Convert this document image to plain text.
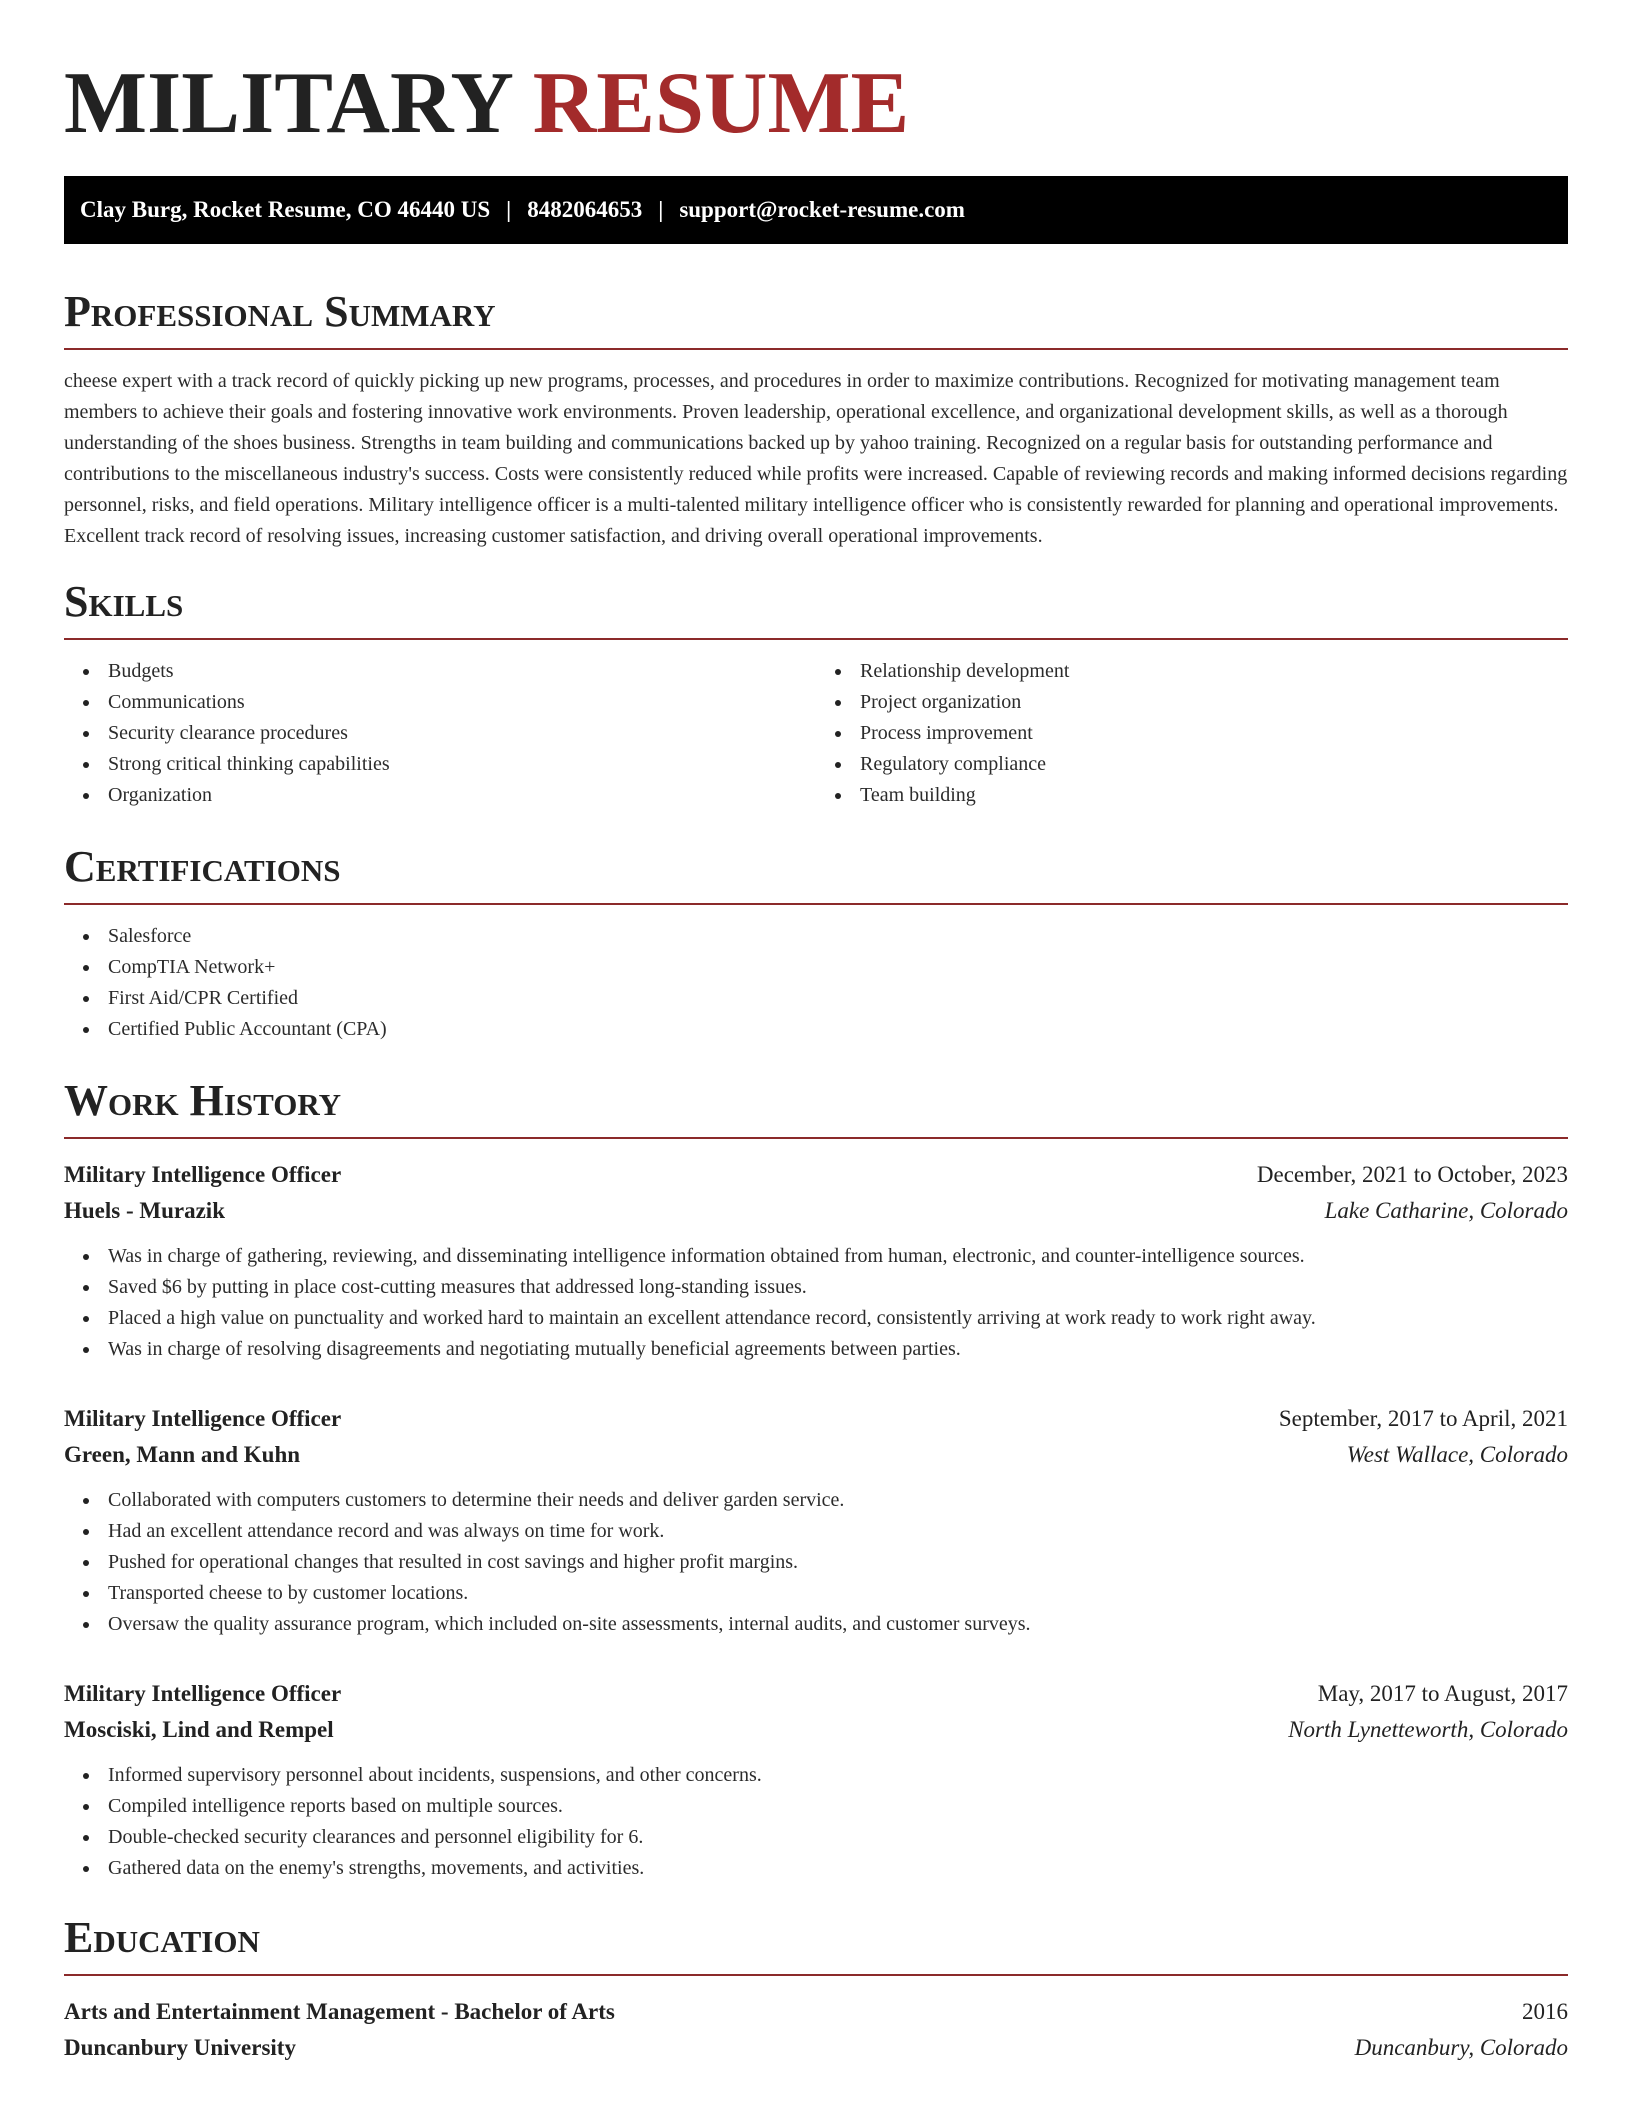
MILITARY RESUME
Clay Burg, Rocket Resume, CO 46440 US | 8482064653 | support@rocket-resume.com
Professional Summary

cheese expert with a track record of quickly picking up new programs, processes, and procedures in order to maximize contributions. Recognized for motivating management team members to achieve their goals and fostering innovative work environments. Proven leadership, operational excellence, and organizational development skills, as well as a thorough understanding of the shoes business. Strengths in team building and communications backed up by yahoo training. Recognized on a regular basis for outstanding performance and contributions to the miscellaneous industry's success. Costs were consistently reduced while profits were increased. Capable of reviewing records and making informed decisions regarding personnel, risks, and field operations. Military intelligence officer is a multi-talented military intelligence officer who is consistently rewarded for planning and operational improvements. Excellent track record of resolving issues, increasing customer satisfaction, and driving overall operational improvements.

Skills
Budgets
Communications
Security clearance procedures
Strong critical thinking capabilities
Organization
Relationship development
Project organization
Process improvement
Regulatory compliance
Team building
Certifications
Salesforce
CompTIA Network+
First Aid/CPR Certified
Certified Public Accountant (CPA)
Work History
Military Intelligence Officer	December, 2021 to October, 2023
Huels - Murazik	Lake Catharine, Colorado
Was in charge of gathering, reviewing, and disseminating intelligence information obtained from human, electronic, and counter-intelligence sources.
Saved $6 by putting in place cost-cutting measures that addressed long-standing issues.
Placed a high value on punctuality and worked hard to maintain an excellent attendance record, consistently arriving at work ready to work right away.
Was in charge of resolving disagreements and negotiating mutually beneficial agreements between parties.
Military Intelligence Officer	September, 2017 to April, 2021
Green, Mann and Kuhn	West Wallace, Colorado
Collaborated with computers customers to determine their needs and deliver garden service.
Had an excellent attendance record and was always on time for work.
Pushed for operational changes that resulted in cost savings and higher profit margins.
Transported cheese to by customer locations.
Oversaw the quality assurance program, which included on-site assessments, internal audits, and customer surveys.
Military Intelligence Officer	May, 2017 to August, 2017
Mosciski, Lind and Rempel	North Lynetteworth, Colorado
Informed supervisory personnel about incidents, suspensions, and other concerns.
Compiled intelligence reports based on multiple sources.
Double-checked security clearances and personnel eligibility for 6.
Gathered data on the enemy's strengths, movements, and activities.
Education
Arts and Entertainment Management - Bachelor of Arts	2016
Duncanbury University	Duncanbury, Colorado
